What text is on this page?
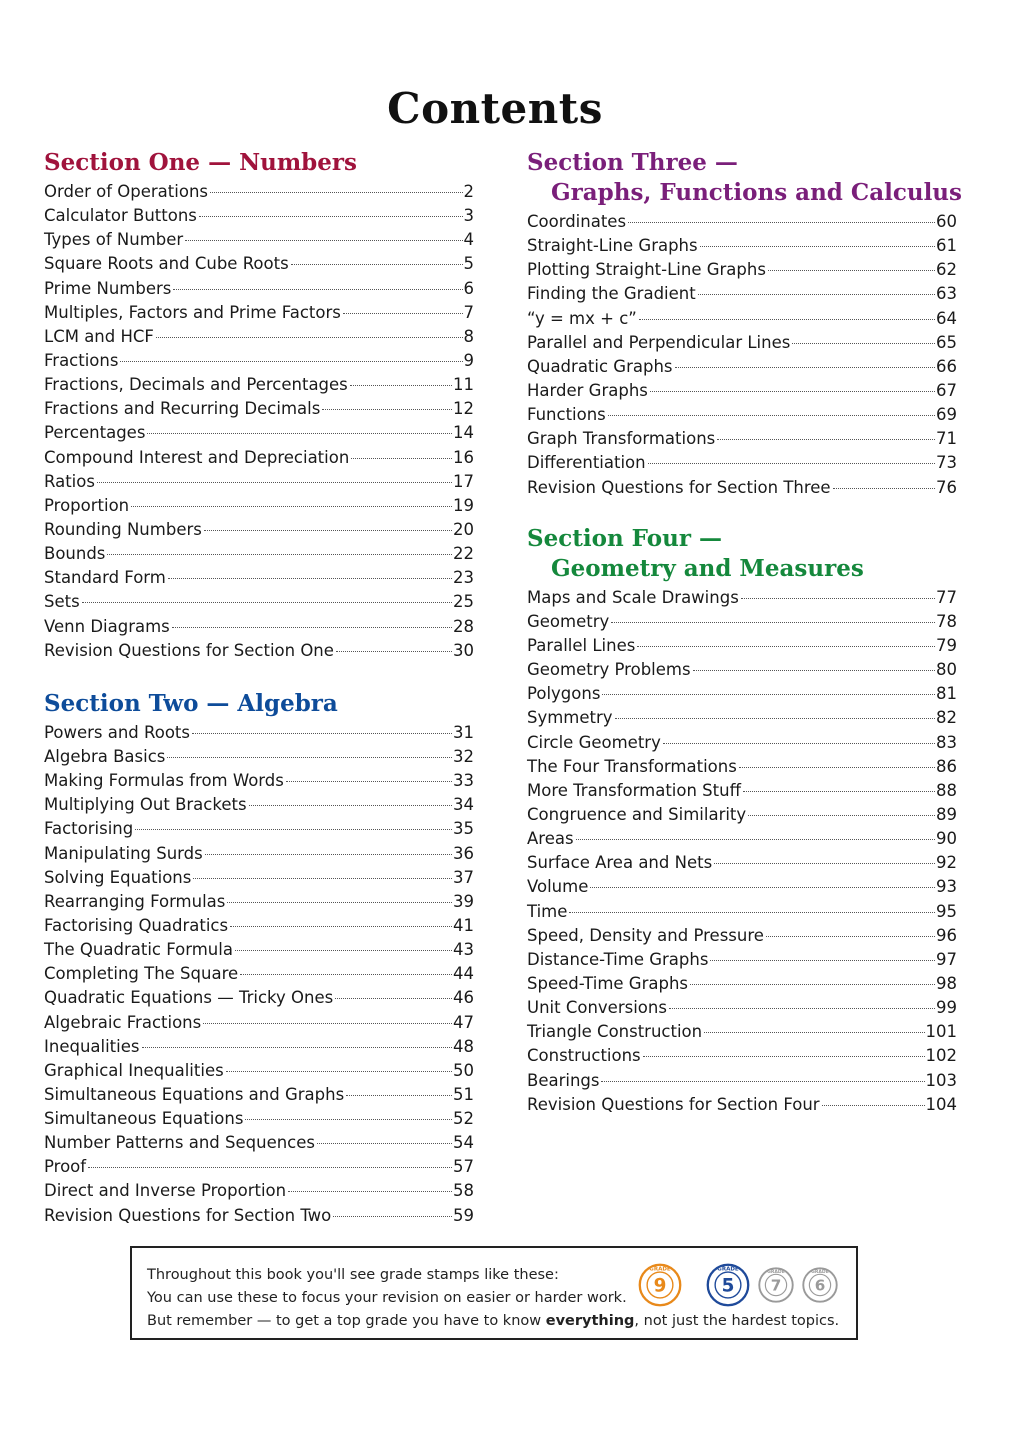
Contents
Section One — Numbers
Order of Operations	2
Calculator Buttons	3
Types of Number	4
Square Roots and Cube Roots	5
Prime Numbers	6
Multiples, Factors and Prime Factors	7
LCM and HCF	8
Fractions	9
Fractions, Decimals and Percentages	11
Fractions and Recurring Decimals	12
Percentages	14
Compound Interest and Depreciation	16
Ratios	17
Proportion	19
Rounding Numbers	20
Bounds	22
Standard Form	23
Sets	25
Venn Diagrams	28
Revision Questions for Section One	30
Section Two — Algebra
Powers and Roots	31
Algebra Basics	32
Making Formulas from Words	33
Multiplying Out Brackets	34
Factorising	35
Manipulating Surds	36
Solving Equations	37
Rearranging Formulas	39
Factorising Quadratics	41
The Quadratic Formula	43
Completing The Square	44
Quadratic Equations — Tricky Ones	46
Algebraic Fractions	47
Inequalities	48
Graphical Inequalities	50
Simultaneous Equations and Graphs	51
Simultaneous Equations	52
Number Patterns and Sequences	54
Proof	57
Direct and Inverse Proportion	58
Revision Questions for Section Two	59
Section Three —
Graphs, Functions and Calculus
Coordinates	60
Straight-Line Graphs	61
Plotting Straight-Line Graphs	62
Finding the Gradient	63
“y = mx + c”	64
Parallel and Perpendicular Lines	65
Quadratic Graphs	66
Harder Graphs	67
Functions	69
Graph Transformations	71
Differentiation	73
Revision Questions for Section Three	76
Section Four —
Geometry and Measures
Maps and Scale Drawings	77
Geometry	78
Parallel Lines	79
Geometry Problems	80
Polygons	81
Symmetry	82
Circle Geometry	83
The Four Transformations	86
More Transformation Stuff	88
Congruence and Similarity	89
Areas	90
Surface Area and Nets	92
Volume	93
Time	95
Speed, Density and Pressure	96
Distance-Time Graphs	97
Speed-Time Graphs	98
Unit Conversions	99
Triangle Construction	101
Constructions	102
Bearings	103
Revision Questions for Section Four	104
Throughout this book you'll see grade stamps like these:
You can use these to focus your revision on easier or harder work.
But remember — to get a top grade you have to know everything, not just the hardest topics.
9
GRADE
5
GRADE
7
GRADE
6
GRADE
